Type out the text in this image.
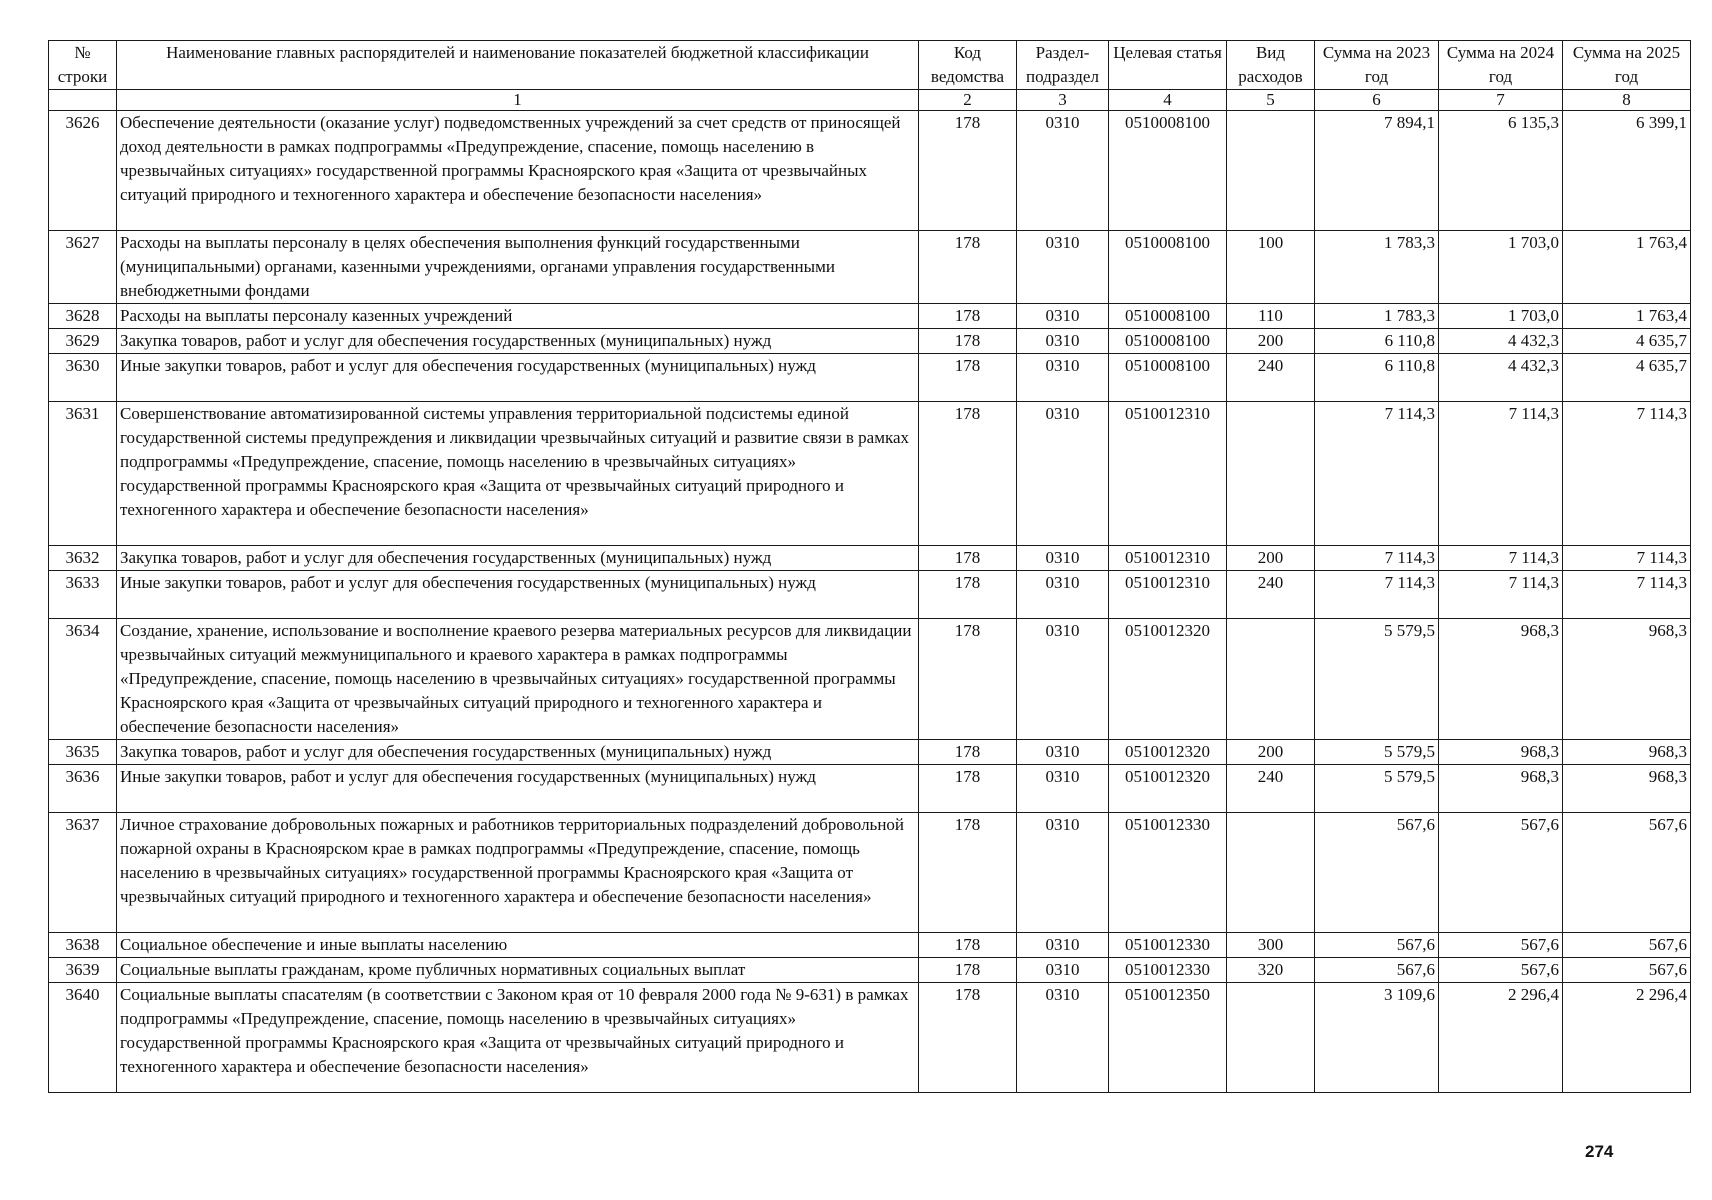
№ строки	Наименование главных распорядителей и наименование показателей бюджетной классификации	Код ведомства	Раздел-подраздел	Целевая статья	Вид расходов	Сумма на 2023 год	Сумма на 2024 год	Сумма на 2025 год
	1	2	3	4	5	6	7	8
3626	Обеспечение деятельности (оказание услуг) подведомственных учреждений за счет средств от приносящей доход деятельности в рамках подпрограммы «Предупреждение, спасение, помощь населению в чрезвычайных ситуациях» государственной программы Красноярского края «Защита от чрезвычайных ситуаций природного и техногенного характера и обеспечение безопасности населения»	178	0310	0510008100		7 894,1	6 135,3	6 399,1
3627	Расходы на выплаты персоналу в целях обеспечения выполнения функций государственными (муниципальными) органами, казенными учреждениями, органами управления государственными внебюджетными фондами	178	0310	0510008100	100	1 783,3	1 703,0	1 763,4
3628	Расходы на выплаты персоналу казенных учреждений	178	0310	0510008100	110	1 783,3	1 703,0	1 763,4
3629	Закупка товаров, работ и услуг для обеспечения государственных (муниципальных) нужд	178	0310	0510008100	200	6 110,8	4 432,3	4 635,7
3630	Иные закупки товаров, работ и услуг для обеспечения государственных (муниципальных) нужд	178	0310	0510008100	240	6 110,8	4 432,3	4 635,7
3631	Совершенствование автоматизированной системы управления территориальной подсистемы единой государственной системы предупреждения и ликвидации чрезвычайных ситуаций и развитие связи в рамках подпрограммы «Предупреждение, спасение, помощь населению в чрезвычайных ситуациях» государственной программы Красноярского края «Защита от чрезвычайных ситуаций природного и техногенного характера и обеспечение безопасности населения»	178	0310	0510012310		7 114,3	7 114,3	7 114,3
3632	Закупка товаров, работ и услуг для обеспечения государственных (муниципальных) нужд	178	0310	0510012310	200	7 114,3	7 114,3	7 114,3
3633	Иные закупки товаров, работ и услуг для обеспечения государственных (муниципальных) нужд	178	0310	0510012310	240	7 114,3	7 114,3	7 114,3
3634	Создание, хранение, использование и восполнение краевого резерва материальных ресурсов для ликвидации чрезвычайных ситуаций межмуниципального и краевого характера в рамках подпрограммы «Предупреждение, спасение, помощь населению в чрезвычайных ситуациях» государственной программы Красноярского края «Защита от чрезвычайных ситуаций природного и техногенного характера и обеспечение безопасности населения»	178	0310	0510012320		5 579,5	968,3	968,3
3635	Закупка товаров, работ и услуг для обеспечения государственных (муниципальных) нужд	178	0310	0510012320	200	5 579,5	968,3	968,3
3636	Иные закупки товаров, работ и услуг для обеспечения государственных (муниципальных) нужд	178	0310	0510012320	240	5 579,5	968,3	968,3
3637	Личное страхование добровольных пожарных и работников территориальных подразделений добровольной пожарной охраны в Красноярском крае в рамках подпрограммы «Предупреждение, спасение, помощь населению в чрезвычайных ситуациях» государственной программы Красноярского края «Защита от чрезвычайных ситуаций природного и техногенного характера и обеспечение безопасности населения»	178	0310	0510012330		567,6	567,6	567,6
3638	Социальное обеспечение и иные выплаты населению	178	0310	0510012330	300	567,6	567,6	567,6
3639	Социальные выплаты гражданам, кроме публичных нормативных социальных выплат	178	0310	0510012330	320	567,6	567,6	567,6
3640	Социальные выплаты спасателям (в соответствии с Законом края от 10 февраля 2000 года № 9-631) в рамках подпрограммы «Предупреждение, спасение, помощь населению в чрезвычайных ситуациях» государственной программы Красноярского края «Защита от чрезвычайных ситуаций природного и техногенного характера и обеспечение безопасности населения»	178	0310	0510012350		3 109,6	2 296,4	2 296,4
274
